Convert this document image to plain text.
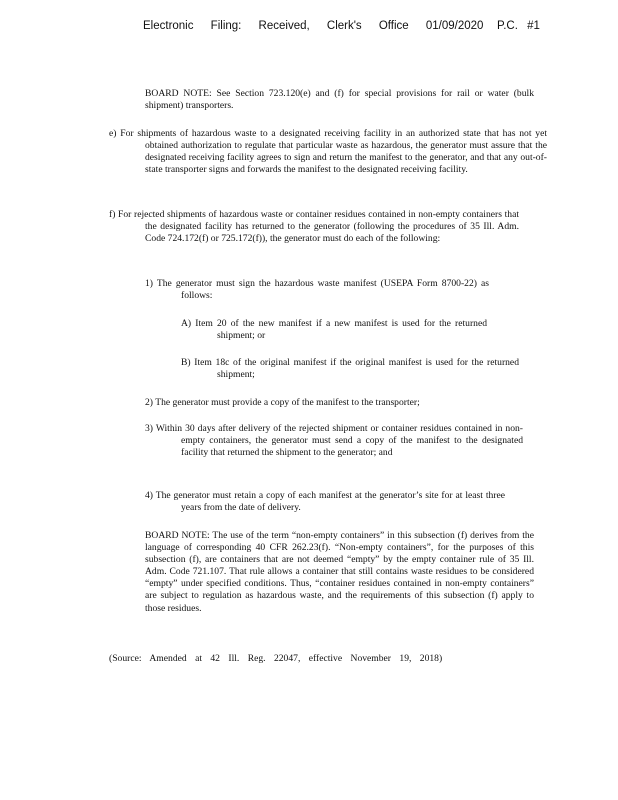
Electronic Filing: Received, Clerk's Office 01/09/2020 P.C. #1
BOARD NOTE: See Section 723.120(e) and (f) for special provisions for rail or water (bulk shipment) transporters.
e) For shipments of hazardous waste to a designated receiving facility in an authorized state that has not yet obtained authorization to regulate that particular waste as hazardous, the generator must assure that the designated receiving facility agrees to sign and return the manifest to the generator, and that any out-of-state transporter signs and forwards the manifest to the designated receiving facility.
f) For rejected shipments of hazardous waste or container residues contained in non-empty containers that the designated facility has returned to the generator (following the procedures of 35 Ill. Adm. Code 724.172(f) or 725.172(f)), the generator must do each of the following:
1) The generator must sign the hazardous waste manifest (USEPA Form 8700-22) as follows:
A) Item 20 of the new manifest if a new manifest is used for the returned shipment; or
B) Item 18c of the original manifest if the original manifest is used for the returned shipment;
2) The generator must provide a copy of the manifest to the transporter;
3) Within 30 days after delivery of the rejected shipment or container residues contained in non-empty containers, the generator must send a copy of the manifest to the designated facility that returned the shipment to the generator; and
4) The generator must retain a copy of each manifest at the generator’s site for at least three years from the date of delivery.
BOARD NOTE: The use of the term “non-empty containers” in this subsection (f) derives from the language of corresponding 40 CFR 262.23(f). “Non-empty containers”, for the purposes of this subsection (f), are containers that are not deemed “empty” by the empty container rule of 35 Ill. Adm. Code 721.107. That rule allows a container that still contains waste residues to be considered “empty” under specified conditions. Thus, “container residues contained in non-empty containers” are subject to regulation as hazardous waste, and the requirements of this subsection (f) apply to those residues.
(Source: Amended at 42 Ill. Reg. 22047, effective November 19, 2018)
